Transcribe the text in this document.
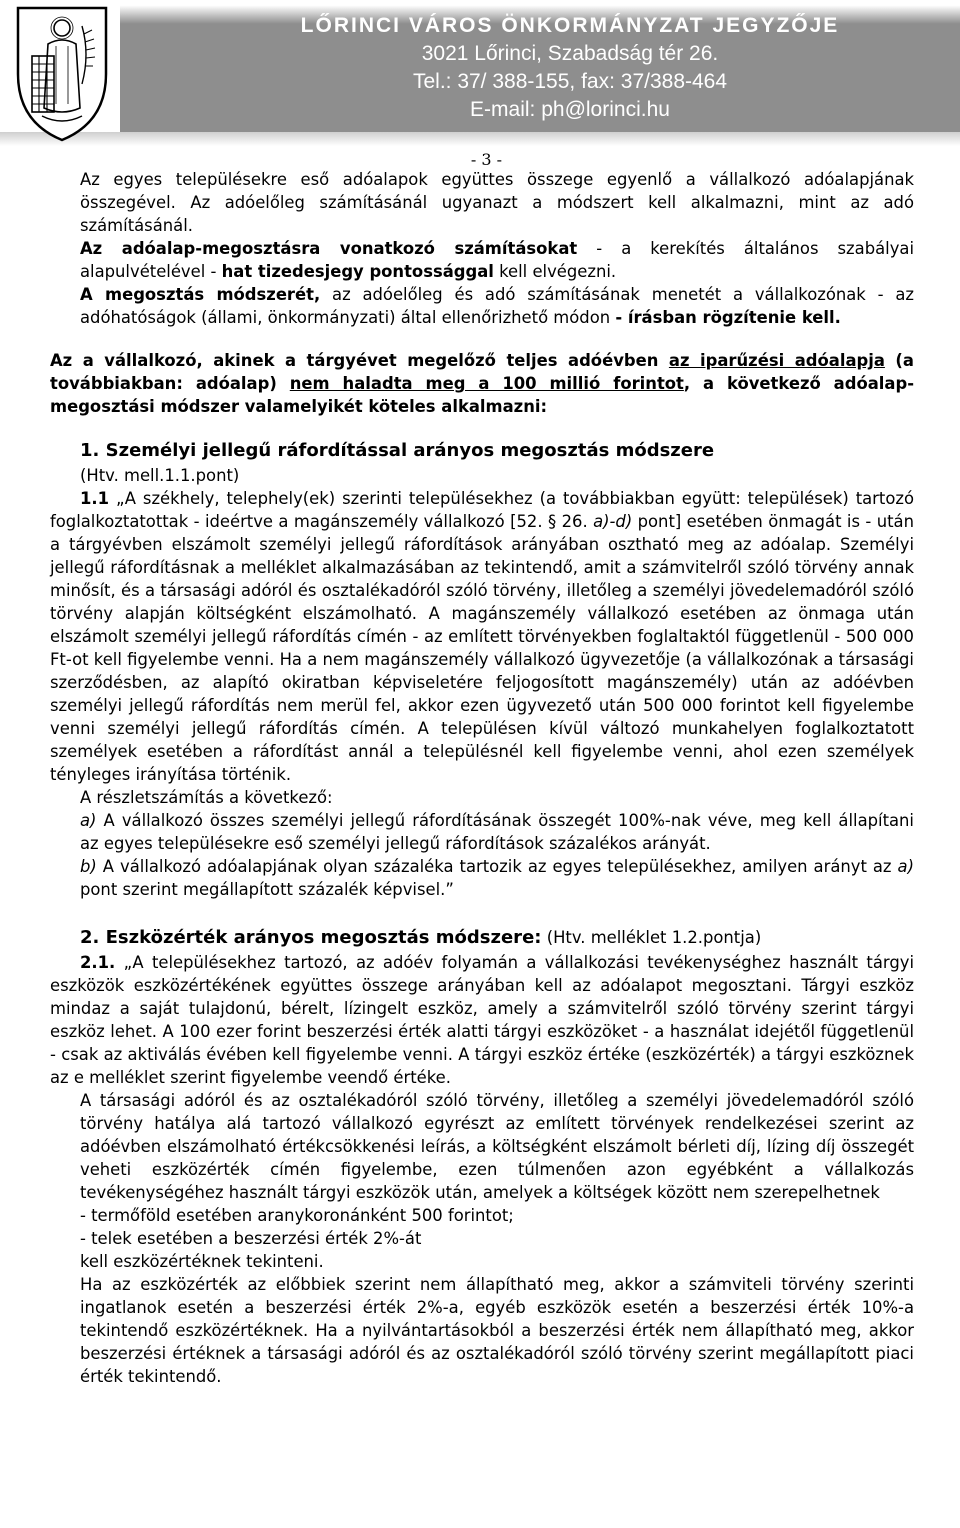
LŐRINCI VÁROS ÖNKORMÁNYZAT JEGYZŐJE
3021 Lőrinci, Szabadság tér 26.
Tel.: 37/ 388-155, fax: 37/388-464
E-mail: ph@lorinci.hu
- 3 -

Az egyes településekre eső adóalapok együttes összege egyenlő a vállalkozó adóalapjának összegével. Az adóelőleg számításánál ugyanazt a módszert kell alkalmazni, mint az adó számításánál.

Az adóalap-megosztásra vonatkozó számításokat - a kerekítés általános szabályai alapulvételével - hat tizedesjegy pontossággal kell elvégezni.

A megosztás módszerét, az adóelőleg és adó számításának menetét a vállalkozónak - az adóhatóságok (állami, önkormányzati) által ellenőrizhető módon - írásban rögzítenie kell.

Az a vállalkozó, akinek a tárgyévet megelőző teljes adóévben az iparűzési adóalapja (a továbbiakban: adóalap) nem haladta meg a 100 millió forintot, a következő adóalap-megosztási módszer valamelyikét köteles alkalmazni:

1. Személyi jellegű ráfordítással arányos megosztás módszere
(Htv. mell.1.1.pont)

1.1 „A székhely, telephely(ek) szerinti településekhez (a továbbiakban együtt: települések) tartozó foglalkoztatottak - ideértve a magánszemély vállalkozó [52. § 26. a)-d) pont] esetében önmagát is - után a tárgyévben elszámolt személyi jellegű ráfordítások arányában osztható meg az adóalap. Személyi jellegű ráfordításnak a melléklet alkalmazásában az tekintendő, amit a számvitelről szóló törvény annak minősít, és a társasági adóról és osztalékadóról szóló törvény, illetőleg a személyi jövedelemadóról szóló törvény alapján költségként elszámolható. A magánszemély vállalkozó esetében az önmaga után elszámolt személyi jellegű ráfordítás címén - az említett törvényekben foglaltaktól függetlenül - 500 000 Ft-ot kell figyelembe venni. Ha a nem magánszemély vállalkozó ügyvezetője (a vállalkozónak a társasági szerződésben, az alapító okiratban képviseletére feljogosított magánszemély) után az adóévben személyi jellegű ráfordítás nem merül fel, akkor ezen ügyvezető után 500 000 forintot kell figyelembe venni személyi jellegű ráfordítás címén. A településen kívül változó munkahelyen foglalkoztatott személyek esetében a ráfordítást annál a településnél kell figyelembe venni, ahol ezen személyek tényleges irányítása történik.

A részletszámítás a következő:

a) A vállalkozó összes személyi jellegű ráfordításának összegét 100%-nak véve, meg kell állapítani az egyes településekre eső személyi jellegű ráfordítások százalékos arányát.

b) A vállalkozó adóalapjának olyan százaléka tartozik az egyes településekhez, amilyen arányt az a) pont szerint megállapított százalék képvisel.”

2. Eszközérték arányos megosztás módszere: (Htv. melléklet 1.2.pontja)

2.1. „A településekhez tartozó, az adóév folyamán a vállalkozási tevékenységhez használt tárgyi eszközök eszközértékének együttes összege arányában kell az adóalapot megosztani. Tárgyi eszköz mindaz a saját tulajdonú, bérelt, lízingelt eszköz, amely a számvitelről szóló törvény szerint tárgyi eszköz lehet. A 100 ezer forint beszerzési érték alatti tárgyi eszközöket - a használat idejétől függetlenül - csak az aktiválás évében kell figyelembe venni. A tárgyi eszköz értéke (eszközérték) a tárgyi eszköznek az e melléklet szerint figyelembe veendő értéke.

A társasági adóról és az osztalékadóról szóló törvény, illetőleg a személyi jövedelemadóról szóló törvény hatálya alá tartozó vállalkozó egyrészt az említett törvények rendelkezései szerint az adóévben elszámolható értékcsökkenési leírás, a költségként elszámolt bérleti díj, lízing díj összegét veheti eszközérték címén figyelembe, ezen túlmenően azon egyébként a vállalkozás tevékenységéhez használt tárgyi eszközök után, amelyek a költségek között nem szerepelhetnek

- termőföld esetében aranykoronánként 500 forintot;
- telek esetében a beszerzési érték 2%-át
kell eszközértéknek tekinteni.

Ha az eszközérték az előbbiek szerint nem állapítható meg, akkor a számviteli törvény szerinti ingatlanok esetén a beszerzési érték 2%-a, egyéb eszközök esetén a beszerzési érték 10%-a tekintendő eszközértéknek. Ha a nyilvántartásokból a beszerzési érték nem állapítható meg, akkor beszerzési értéknek a társasági adóról és az osztalékadóról szóló törvény szerint megállapított piaci érték tekintendő.
